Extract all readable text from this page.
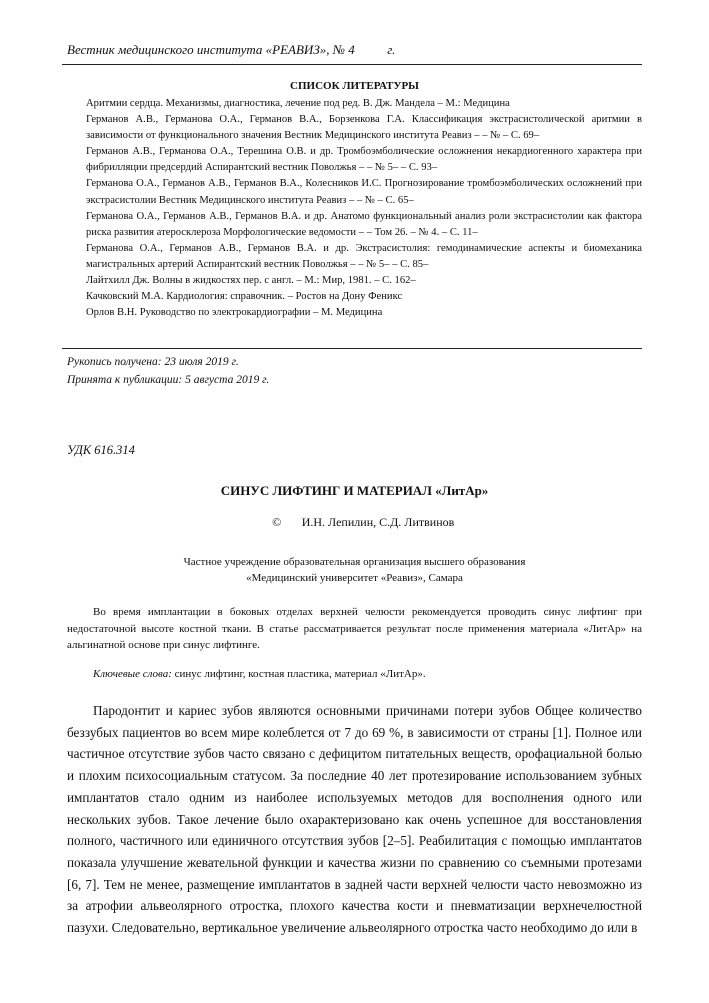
Вестник медицинского института «РЕАВИЗ», № 4	г.
СПИСОК ЛИТЕРАТУРЫ
Аритмии сердца. Механизмы, диагностика, лечение под ред. В. Дж. Мандела – М.: Медицина
Германов А.В., Германова О.А., Германов В.А., Борзенкова Г.А. Классификация экстрасистолической аритмии в зависимости от функционального значения Вестник Медицинского института Реавиз – – № – С. 69–
Германов А.В., Германова О.А., Терешина О.В. и др. Тромбоэмболические осложнения некардиогенного характера при фибрилляции предсердий Аспирантский вестник Поволжья – – № 5– – С. 93–
Германова О.А., Германов А.В., Германов В.А., Колесников И.С. Прогнозирование тромбоэмболических осложнений при экстрасистолии Вестник Медицинского института Реавиз – – № – С. 65–
Германова О.А., Германов А.В., Германов В.А. и др. Анатомо функциональный анализ роли экстрасистолии как фактора риска развития атеросклероза Морфологические ведомости – – Том 26. – № 4. – С. 11–
Германова О.А., Германов А.В., Германов В.А. и др. Экстрасистолия: гемодинамические аспекты и биомеханика магистральных артерий Аспирантский вестник Поволжья – – № 5– – С. 85–
Лайтхилл Дж. Волны в жидкостях пер. с англ. – М.: Мир, 1981. – С. 162–
Качковский М.А. Кардиология: справочник. – Ростов на Дону Феникс
Орлов В.Н. Руководство по электрокардиографии – М. Медицина
Рукопись получена: 23 июля 2019 г.
Принята к публикации: 5 августа 2019 г.
УДК 616.314
СИНУС ЛИФТИНГ И МАТЕРИАЛ «ЛитАр»
© И.Н. Лепилин, С.Д. Литвинов
Частное учреждение образовательная организация высшего образования
«Медицинский университет «Реавиз», Самара
Во время имплантации в боковых отделах верхней челюсти рекомендуется проводить синус лифтинг при недостаточной высоте костной ткани. В статье рассматривается результат после применения материала «ЛитАр» на альгинатной основе при синус лифтинге.
Ключевые слова: синус лифтинг, костная пластика, материал «ЛитАр».

Пародонтит и кариес зубов являются основными причинами потери зубов Общее количество беззубых пациентов во всем мире колеблется от 7 до 69 %, в зависимости от страны [1]. Полное или частичное отсутствие зубов часто связано с дефицитом питательных веществ, орофациальной болью и плохим психосоциальным статусом. За последние 40 лет протезирование использованием зубных имплантатов стало одним из наиболее используемых методов для восполнения одного или нескольких зубов. Такое лечение было охарактеризовано как очень успешное для восстановления полного, частичного или единичного отсутствия зубов [2–5]. Реабилитация с помощью имплантатов показала улучшение жевательной функции и качества жизни по сравнению со съемными протезами [6, 7]. Тем не менее, размещение имплантатов в задней части верхней челюсти часто невозможно из за атрофии альвеолярного отростка, плохого качества кости и пневматизации верхнечелюстной пазухи. Следовательно, вертикальное увеличение альвеолярного отростка часто необходимо до или в
